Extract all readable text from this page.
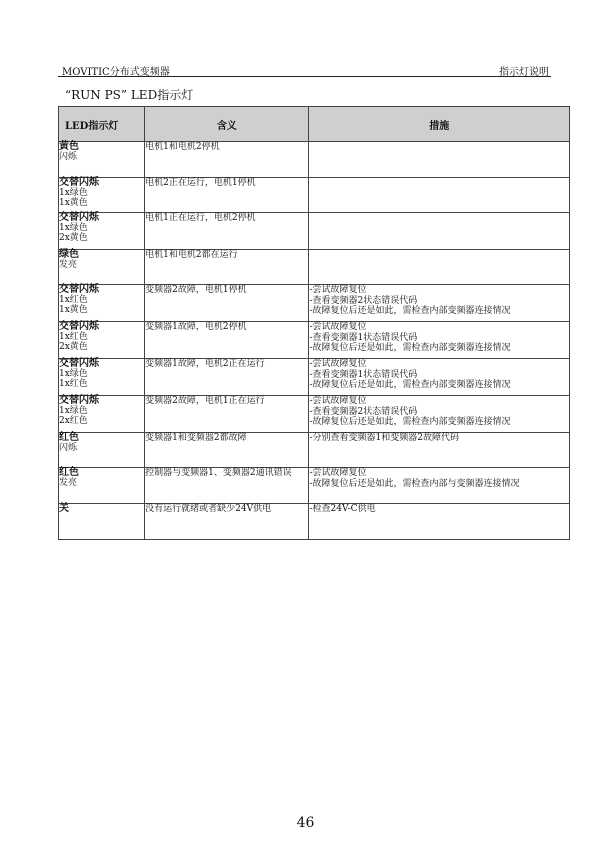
MOVITIC分布式变频器	指示灯说明
“RUN PS” LED指示灯
LED指示灯	含义	措施

黄色
闪烁	电机1和电机2停机	

交替闪烁
1x绿色
1x黄色	电机2正在运行，电机1停机	

交替闪烁
1x绿色
2x黄色	电机1正在运行，电机2停机	

绿色
发亮	电机1和电机2都在运行	

交替闪烁
1x红色
1x黄色	变频器2故障，电机1停机	-尝试故障复位
-查看变频器2状态错误代码
-故障复位后还是如此，需检查内部变频器连接情况

交替闪烁
1x红色
2x黄色	变频器1故障，电机2停机	-尝试故障复位
-查看变频器1状态错误代码
-故障复位后还是如此，需检查内部变频器连接情况

交替闪烁
1x绿色
1x红色	变频器1故障，电机2正在运行	-尝试故障复位
-查看变频器1状态错误代码
-故障复位后还是如此，需检查内部变频器连接情况

交替闪烁
1x绿色
2x红色	变频器2故障，电机1正在运行	-尝试故障复位
-查看变频器2状态错误代码
-故障复位后还是如此，需检查内部变频器连接情况

红色
闪烁	变频器1和变频器2都故障	-分别查看变频器1和变频器2故障代码

红色
发亮	控制器与变频器1、变频器2通讯错误	-尝试故障复位
-故障复位后还是如此，需检查内部与变频器连接情况

关	没有运行就绪或者缺少24V供电	-检查24V-C供电
46
